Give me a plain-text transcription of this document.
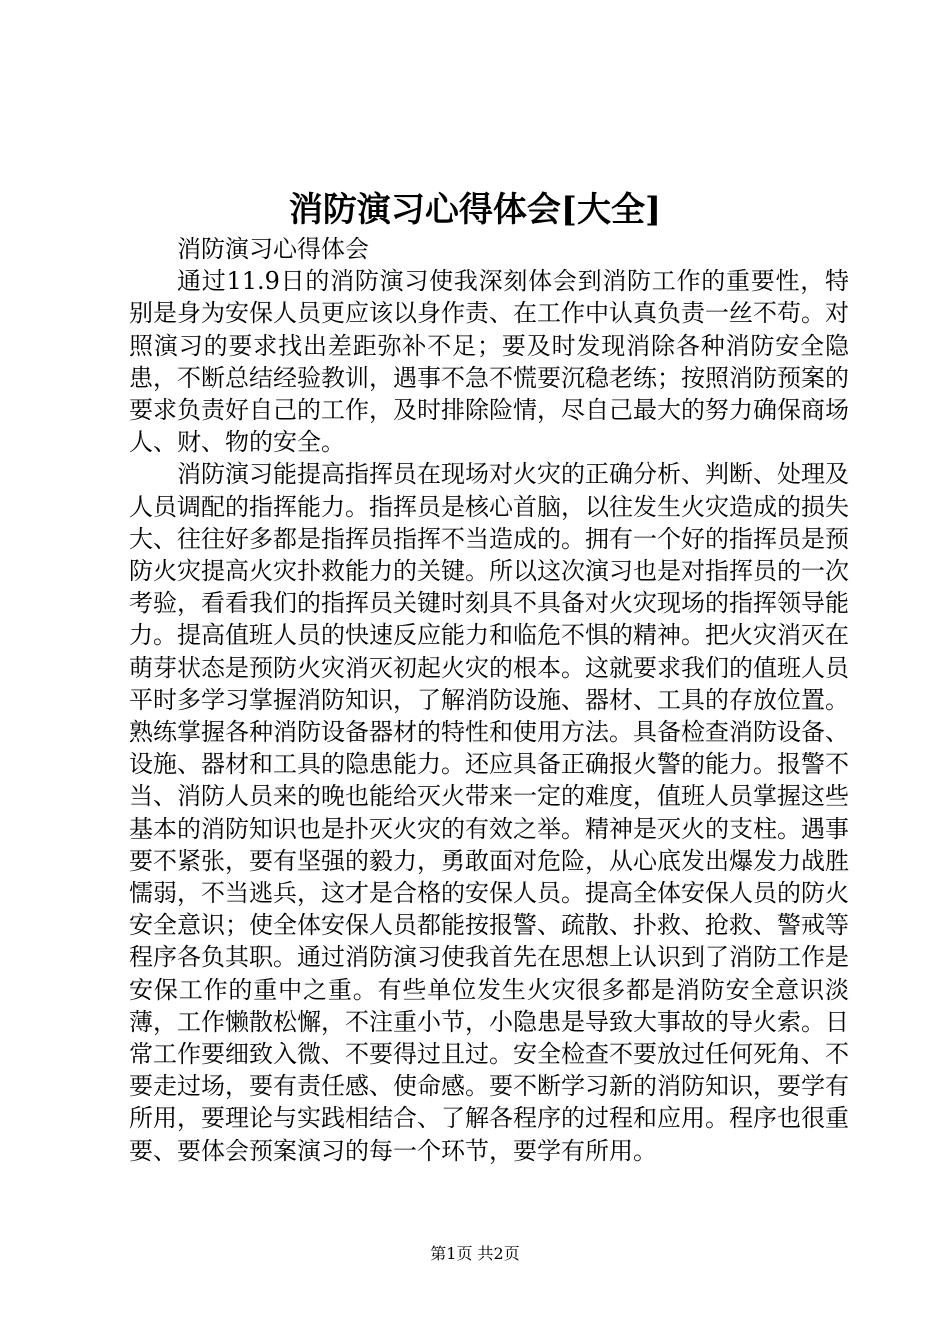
消防演习心得体会[大全]

消防演习心得体会

通过11.9日的消防演习使我深刻体会到消防工作的重要性，特别是身为安保人员更应该以身作责、在工作中认真负责一丝不苟。对照演习的要求找出差距弥补不足；要及时发现消除各种消防安全隐患，不断总结经验教训，遇事不急不慌要沉稳老练；按照消防预案的要求负责好自己的工作，及时排除险情，尽自己最大的努力确保商场人、财、物的安全。

消防演习能提高指挥员在现场对火灾的正确分析、判断、处理及人员调配的指挥能力。指挥员是核心首脑，以往发生火灾造成的损失大、往往好多都是指挥员指挥不当造成的。拥有一个好的指挥员是预防火灾提高火灾扑救能力的关键。所以这次演习也是对指挥员的一次考验，看看我们的指挥员关键时刻具不具备对火灾现场的指挥领导能力。提高值班人员的快速反应能力和临危不惧的精神。把火灾消灭在萌芽状态是预防火灾消灭初起火灾的根本。这就要求我们的值班人员平时多学习掌握消防知识，了解消防设施、器材、工具的存放位置。熟练掌握各种消防设备器材的特性和使用方法。具备检查消防设备、设施、器材和工具的隐患能力。还应具备正确报火警的能力。报警不当、消防人员来的晚也能给灭火带来一定的难度，值班人员掌握这些基本的消防知识也是扑灭火灾的有效之举。精神是灭火的支柱。遇事要不紧张，要有坚强的毅力，勇敢面对危险，从心底发出爆发力战胜懦弱，不当逃兵，这才是合格的安保人员。提高全体安保人员的防火安全意识；使全体安保人员都能按报警、疏散、扑救、抢救、警戒等程序各负其职。通过消防演习使我首先在思想上认识到了消防工作是安保工作的重中之重。有些单位发生火灾很多都是消防安全意识淡薄，工作懒散松懈，不注重小节，小隐患是导致大事故的导火索。日常工作要细致入微、不要得过且过。安全检查不要放过任何死角、不要走过场，要有责任感、使命感。要不断学习新的消防知识，要学有所用，要理论与实践相结合、了解各程序的过程和应用。程序也很重要、要体会预案演习的每一个环节，要学有所用。

第1页 共2页
